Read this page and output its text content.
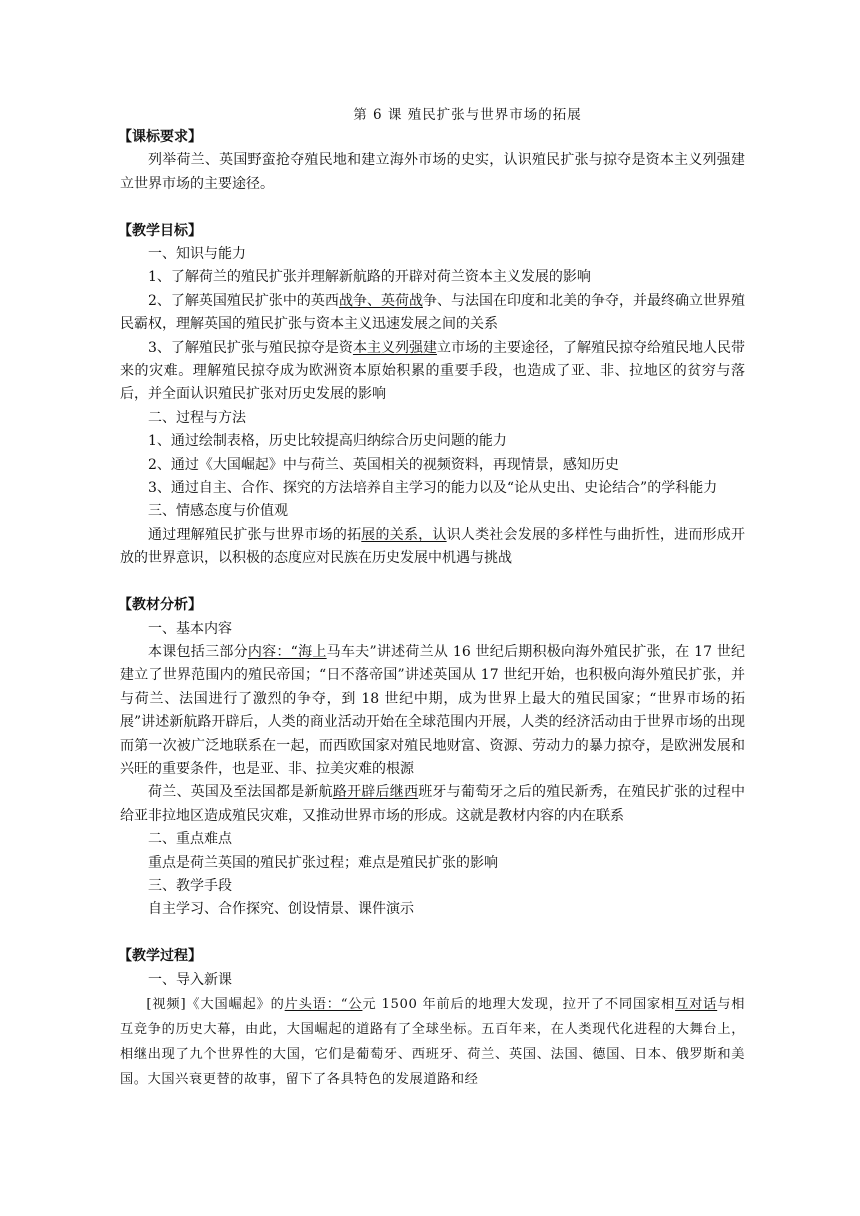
第 6 课 殖民扩张与世界市场的拓展
【课标要求】

列举荷兰、英国野蛮抢夺殖民地和建立海外市场的史实，认识殖民扩张与掠夺是资本主义列强建立世界市场的主要途径。

【教学目标】

一、知识与能力

1、了解荷兰的殖民扩张并理解新航路的开辟对荷兰资本主义发展的影响

2、了解英国殖民扩张中的英西战争、英荷战争、与法国在印度和北美的争夺，并最终确立世界殖民霸权，理解英国的殖民扩张与资本主义迅速发展之间的关系

3、了解殖民扩张与殖民掠夺是资本主义列强建立市场的主要途径，了解殖民掠夺给殖民地人民带来的灾难。理解殖民掠夺成为欧洲资本原始积累的重要手段，也造成了亚、非、拉地区的贫穷与落后，并全面认识殖民扩张对历史发展的影响

二、过程与方法

1、通过绘制表格，历史比较提高归纳综合历史问题的能力

2、通过《大国崛起》中与荷兰、英国相关的视频资料，再现情景，感知历史

3、通过自主、合作、探究的方法培养自主学习的能力以及“论从史出、史论结合”的学科能力

三、情感态度与价值观

通过理解殖民扩张与世界市场的拓展的关系，认识人类社会发展的多样性与曲折性，进而形成开放的世界意识，以积极的态度应对民族在历史发展中机遇与挑战

【教材分析】

一、基本内容

本课包括三部分内容：“海上马车夫”讲述荷兰从 16 世纪后期积极向海外殖民扩张，在 17 世纪建立了世界范围内的殖民帝国；“日不落帝国”讲述英国从 17 世纪开始，也积极向海外殖民扩张，并与荷兰、法国进行了激烈的争夺，到 18 世纪中期，成为世界上最大的殖民国家；“世界市场的拓展”讲述新航路开辟后，人类的商业活动开始在全球范围内开展，人类的经济活动由于世界市场的出现而第一次被广泛地联系在一起，而西欧国家对殖民地财富、资源、劳动力的暴力掠夺，是欧洲发展和兴旺的重要条件，也是亚、非、拉美灾难的根源

荷兰、英国及至法国都是新航路开辟后继西班牙与葡萄牙之后的殖民新秀，在殖民扩张的过程中给亚非拉地区造成殖民灾难，又推动世界市场的形成。这就是教材内容的内在联系

二、重点难点

重点是荷兰英国的殖民扩张过程；难点是殖民扩张的影响

三、教学手段

自主学习、合作探究、创设情景、课件演示

【教学过程】

一、导入新课

[视频]《大国崛起》的片头语：“公元 1500 年前后的地理大发现，拉开了不同国家相互对话与相互竞争的历史大幕，由此，大国崛起的道路有了全球坐标。五百年来，在人类现代化进程的大舞台上，相继出现了九个世界性的大国，它们是葡萄牙、西班牙、荷兰、英国、法国、德国、日本、俄罗斯和美国。大国兴衰更替的故事，留下了各具特色的发展道路和经
